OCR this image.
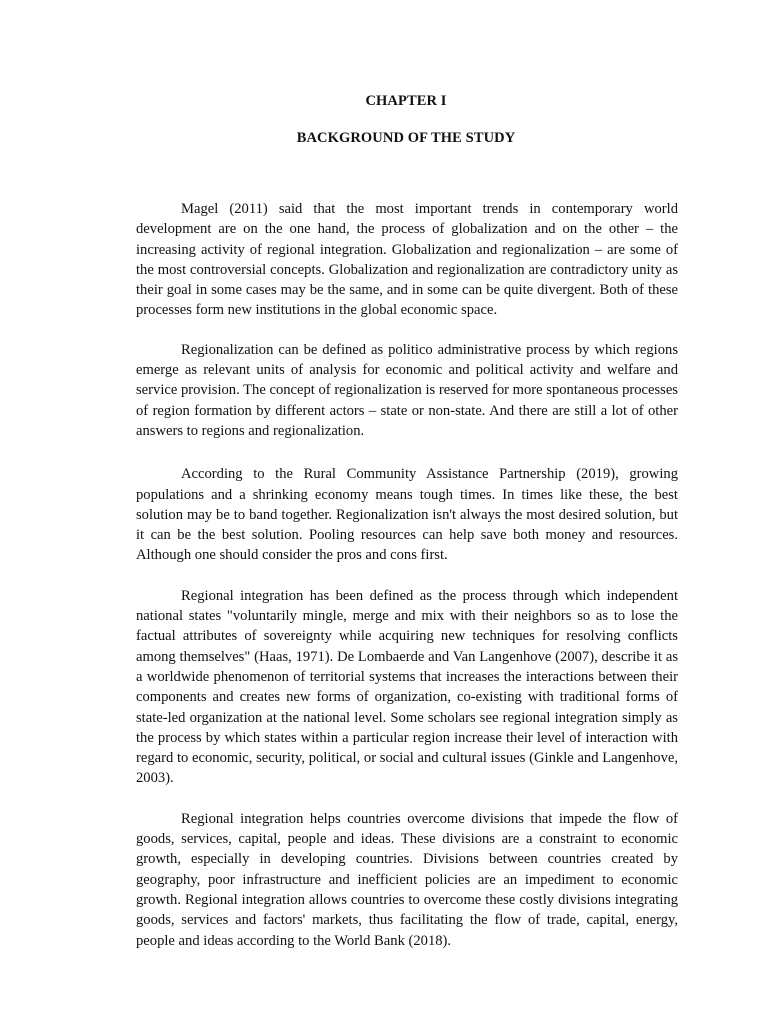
CHAPTER I
BACKGROUND OF THE STUDY

Magel (2011) said that the most important trends in contemporary world development are on the one hand, the process of globalization and on the other – the increasing activity of regional integration. Globalization and regionalization – are some of the most controversial concepts. Globalization and regionalization are contradictory unity as their goal in some cases may be the same, and in some can be quite divergent. Both of these processes form new institutions in the global economic space.

Regionalization can be defined as politico administrative process by which regions emerge as relevant units of analysis for economic and political activity and welfare and service provision. The concept of regionalization is reserved for more spontaneous processes of region formation by different actors – state or non-state. And there are still a lot of other answers to regions and regionalization.

According to the Rural Community Assistance Partnership (2019), growing populations and a shrinking economy means tough times. In times like these, the best solution may be to band together. Regionalization isn't always the most desired solution, but it can be the best solution. Pooling resources can help save both money and resources. Although one should consider the pros and cons first.

Regional integration has been defined as the process through which independent national states "voluntarily mingle, merge and mix with their neighbors so as to lose the factual attributes of sovereignty while acquiring new techniques for resolving conflicts among themselves" (Haas, 1971). De Lombaerde and Van Langenhove (2007), describe it as a worldwide phenomenon of territorial systems that increases the interactions between their components and creates new forms of organization, co-existing with traditional forms of state-led organization at the national level. Some scholars see regional integration simply as the process by which states within a particular region increase their level of interaction with regard to economic, security, political, or social and cultural issues (Ginkle and Langenhove, 2003).

Regional integration helps countries overcome divisions that impede the flow of goods, services, capital, people and ideas. These divisions are a constraint to economic growth, especially in developing countries. Divisions between countries created by geography, poor infrastructure and inefficient policies are an impediment to economic growth. Regional integration allows countries to overcome these costly divisions integrating goods, services and factors' markets, thus facilitating the flow of trade, capital, energy, people and ideas according to the World Bank (2018).
